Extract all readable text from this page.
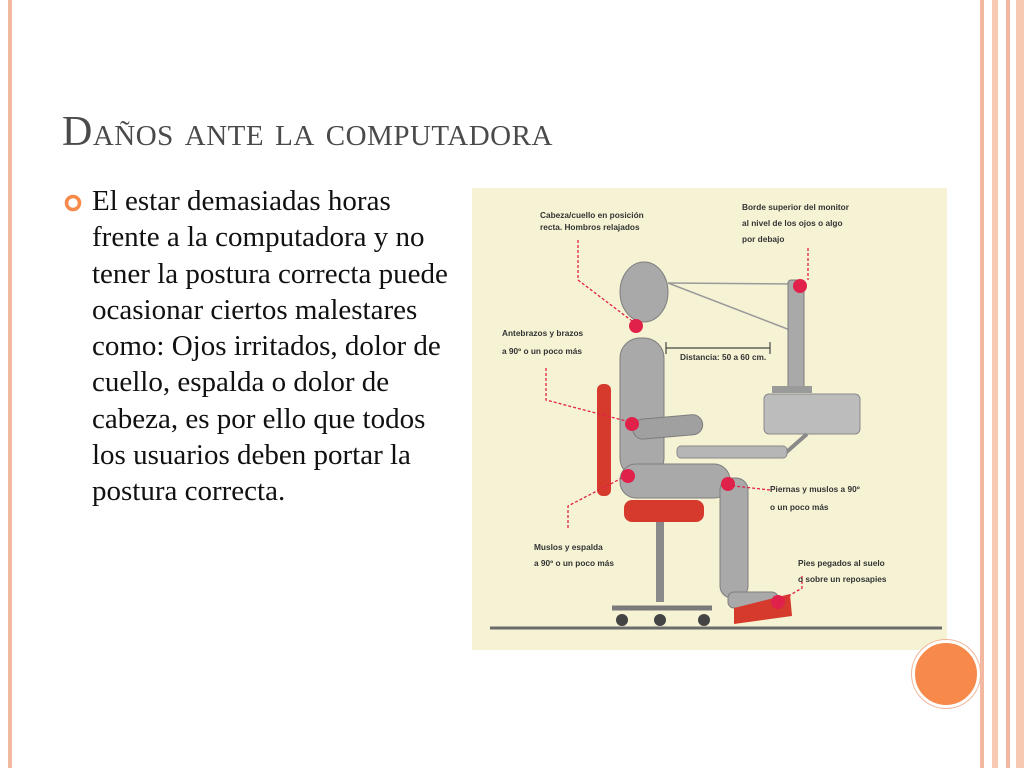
Daños ante la computadora

El estar demasiadas horas frente a la computadora y no tener la postura correcta puede ocasionar ciertos malestares como: Ojos irritados, dolor de cuello, espalda o dolor de cabeza, es por ello que todos los usuarios deben portar la postura correcta.

Distancia: 50 a 60 cm.
Cabeza/cuello en posición
recta. Hombros relajados
Borde superior del monitor
al nivel de los ojos o algo
por debajo
Antebrazos y brazos
a 90º o un poco más
Piernas y muslos a 90º
o un poco más
Muslos y espalda
a 90º o un poco más	Pies pegados al suelo
o sobre un reposapies
